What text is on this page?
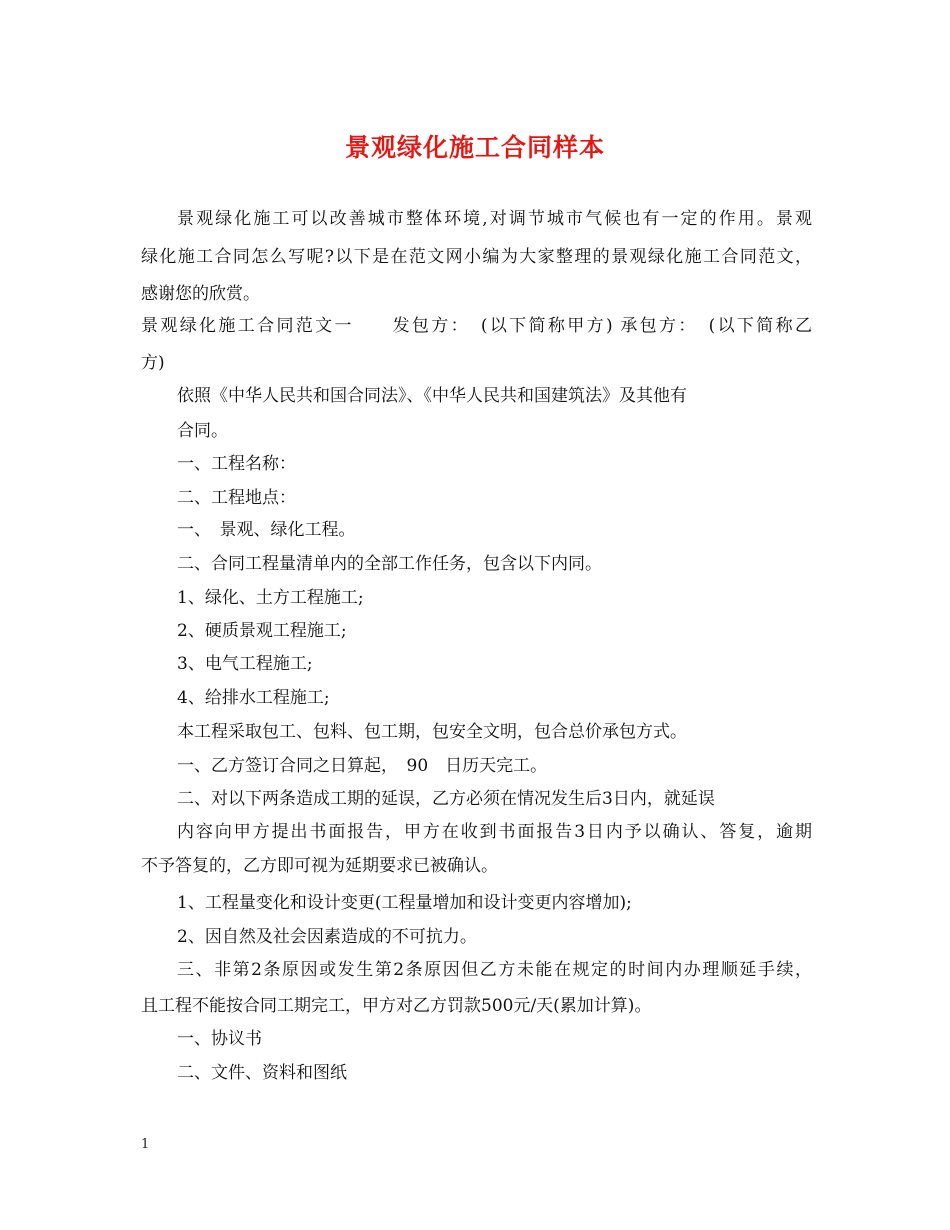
景观绿化施工合同样本
景观绿化施工可以改善城市整体环境,对调节城市气候也有一定的作用。景观
绿化施工合同怎么写呢?以下是在范文网小编为大家整理的景观绿化施工合同范文，
感谢您的欣赏。
景观绿化施工合同范文一　　发包方：　(以下简称甲方) 承包方：　(以下简称乙
方)
依照《中华人民共和国合同法》、《中华人民共和国建筑法》及其他有
合同。
一、工程名称：
二、工程地点：
一、　景观、绿化工程。
二、合同工程量清单内的全部工作任务，包含以下内同。
1、绿化、土方工程施工;
2、硬质景观工程施工;
3、电气工程施工;
4、给排水工程施工;
本工程采取包工、包料、包工期，包安全文明，包合总价承包方式。
一、乙方签订合同之日算起，　90　日历天完工。
二、对以下两条造成工期的延误，乙方必须在情况发生后3日内，就延误
内容向甲方提出书面报告，甲方在收到书面报告3日内予以确认、答复，逾期
不予答复的，乙方即可视为延期要求已被确认。
1、工程量变化和设计变更(工程量增加和设计变更内容增加);
2、因自然及社会因素造成的不可抗力。
三、非第2条原因或发生第2条原因但乙方未能在规定的时间内办理顺延手续，
且工程不能按合同工期完工，甲方对乙方罚款500元/天(累加计算)。
一、协议书
二、文件、资料和图纸
1
